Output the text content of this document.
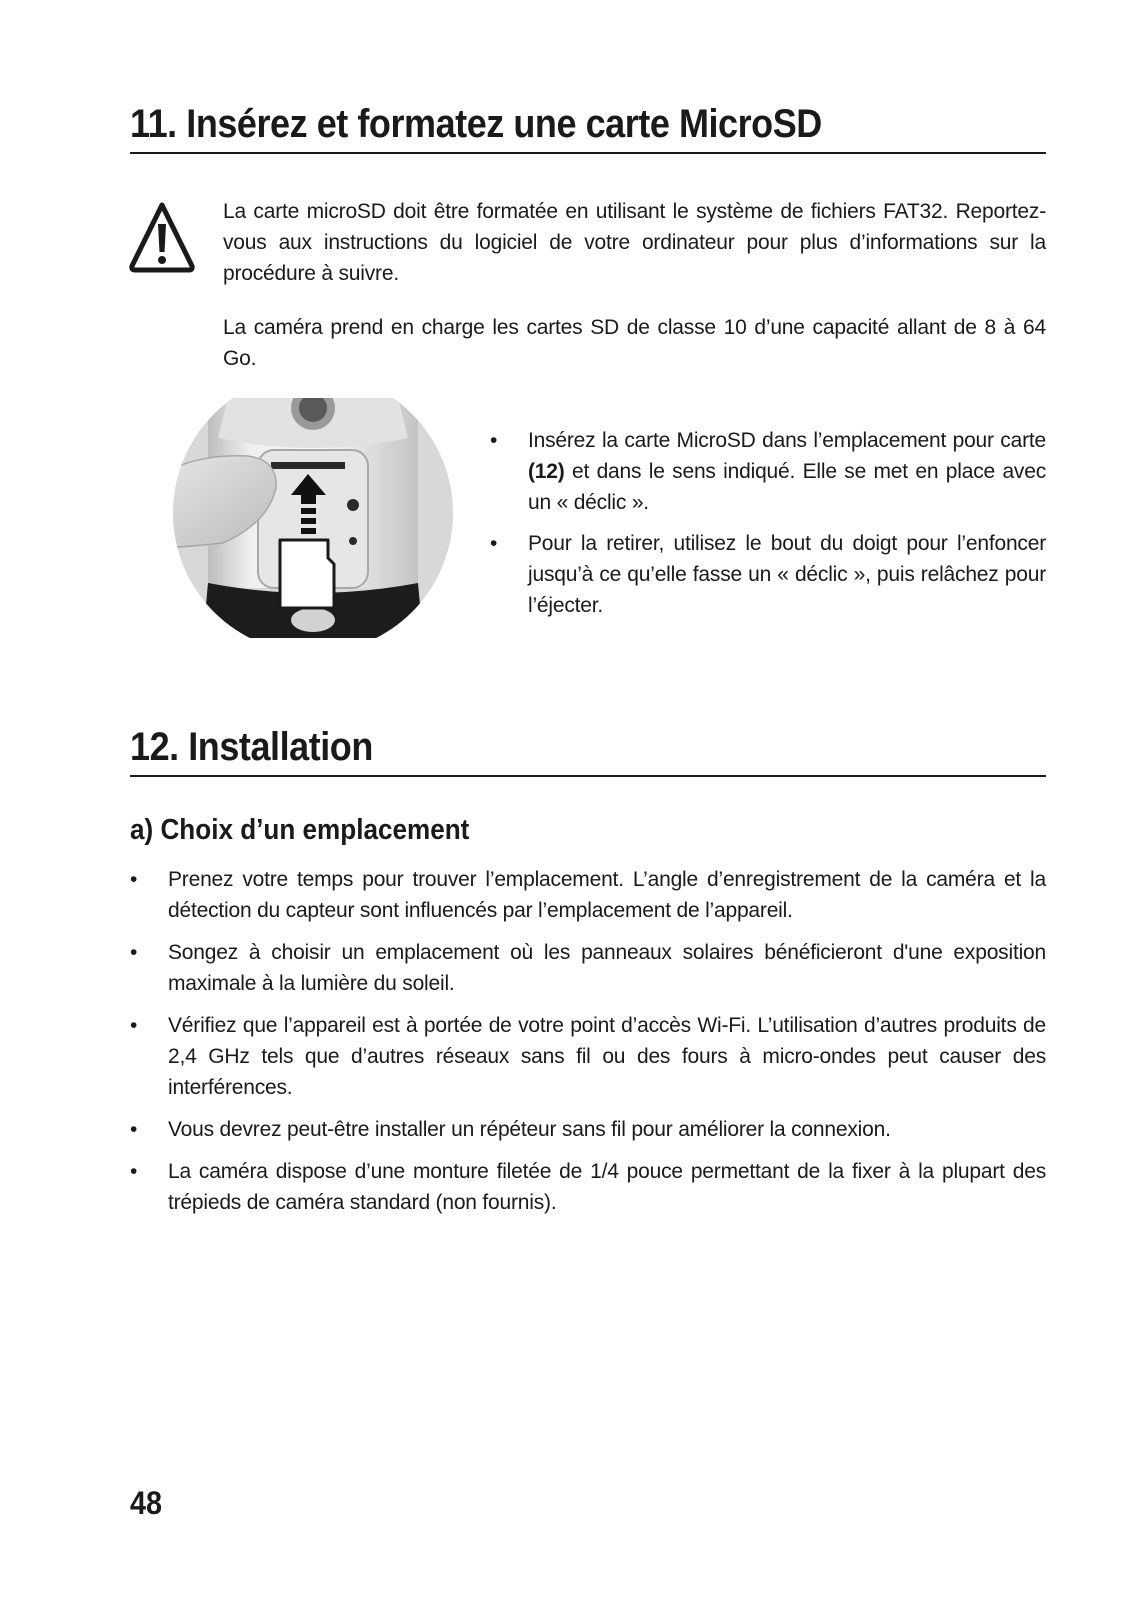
11. Insérez et formatez une carte MicroSD

La carte microSD doit être formatée en utilisant le système de fichiers FAT32. Reportez-vous aux instructions du logiciel de votre ordinateur pour plus d’informations sur la procédure à suivre.

La caméra prend en charge les cartes SD de classe 10 d’une capacité allant de 8 à 64 Go.

• Insérez la carte MicroSD dans l’emplacement pour carte (12) et dans le sens indiqué. Elle se met en place avec un « déclic ».
• Pour la retirer, utilisez le bout du doigt pour l’enfoncer jusqu’à ce qu’elle fasse un « déclic », puis relâchez pour l’éjecter.
12. Installation
a) Choix d’un emplacement
• Prenez votre temps pour trouver l’emplacement. L’angle d’enregistrement de la caméra et la détection du capteur sont influencés par l’emplacement de l’appareil.
• Songez à choisir un emplacement où les panneaux solaires bénéficieront d'une exposition maximale à la lumière du soleil.
• Vérifiez que l’appareil est à portée de votre point d’accès Wi-Fi. L’utilisation d’autres produits de 2,4 GHz tels que d’autres réseaux sans fil ou des fours à micro-ondes peut causer des interférences.
• Vous devrez peut-être installer un répéteur sans fil pour améliorer la connexion.
• La caméra dispose d’une monture filetée de 1/4 pouce permettant de la fixer à la plupart des trépieds de caméra standard (non fournis).

48
